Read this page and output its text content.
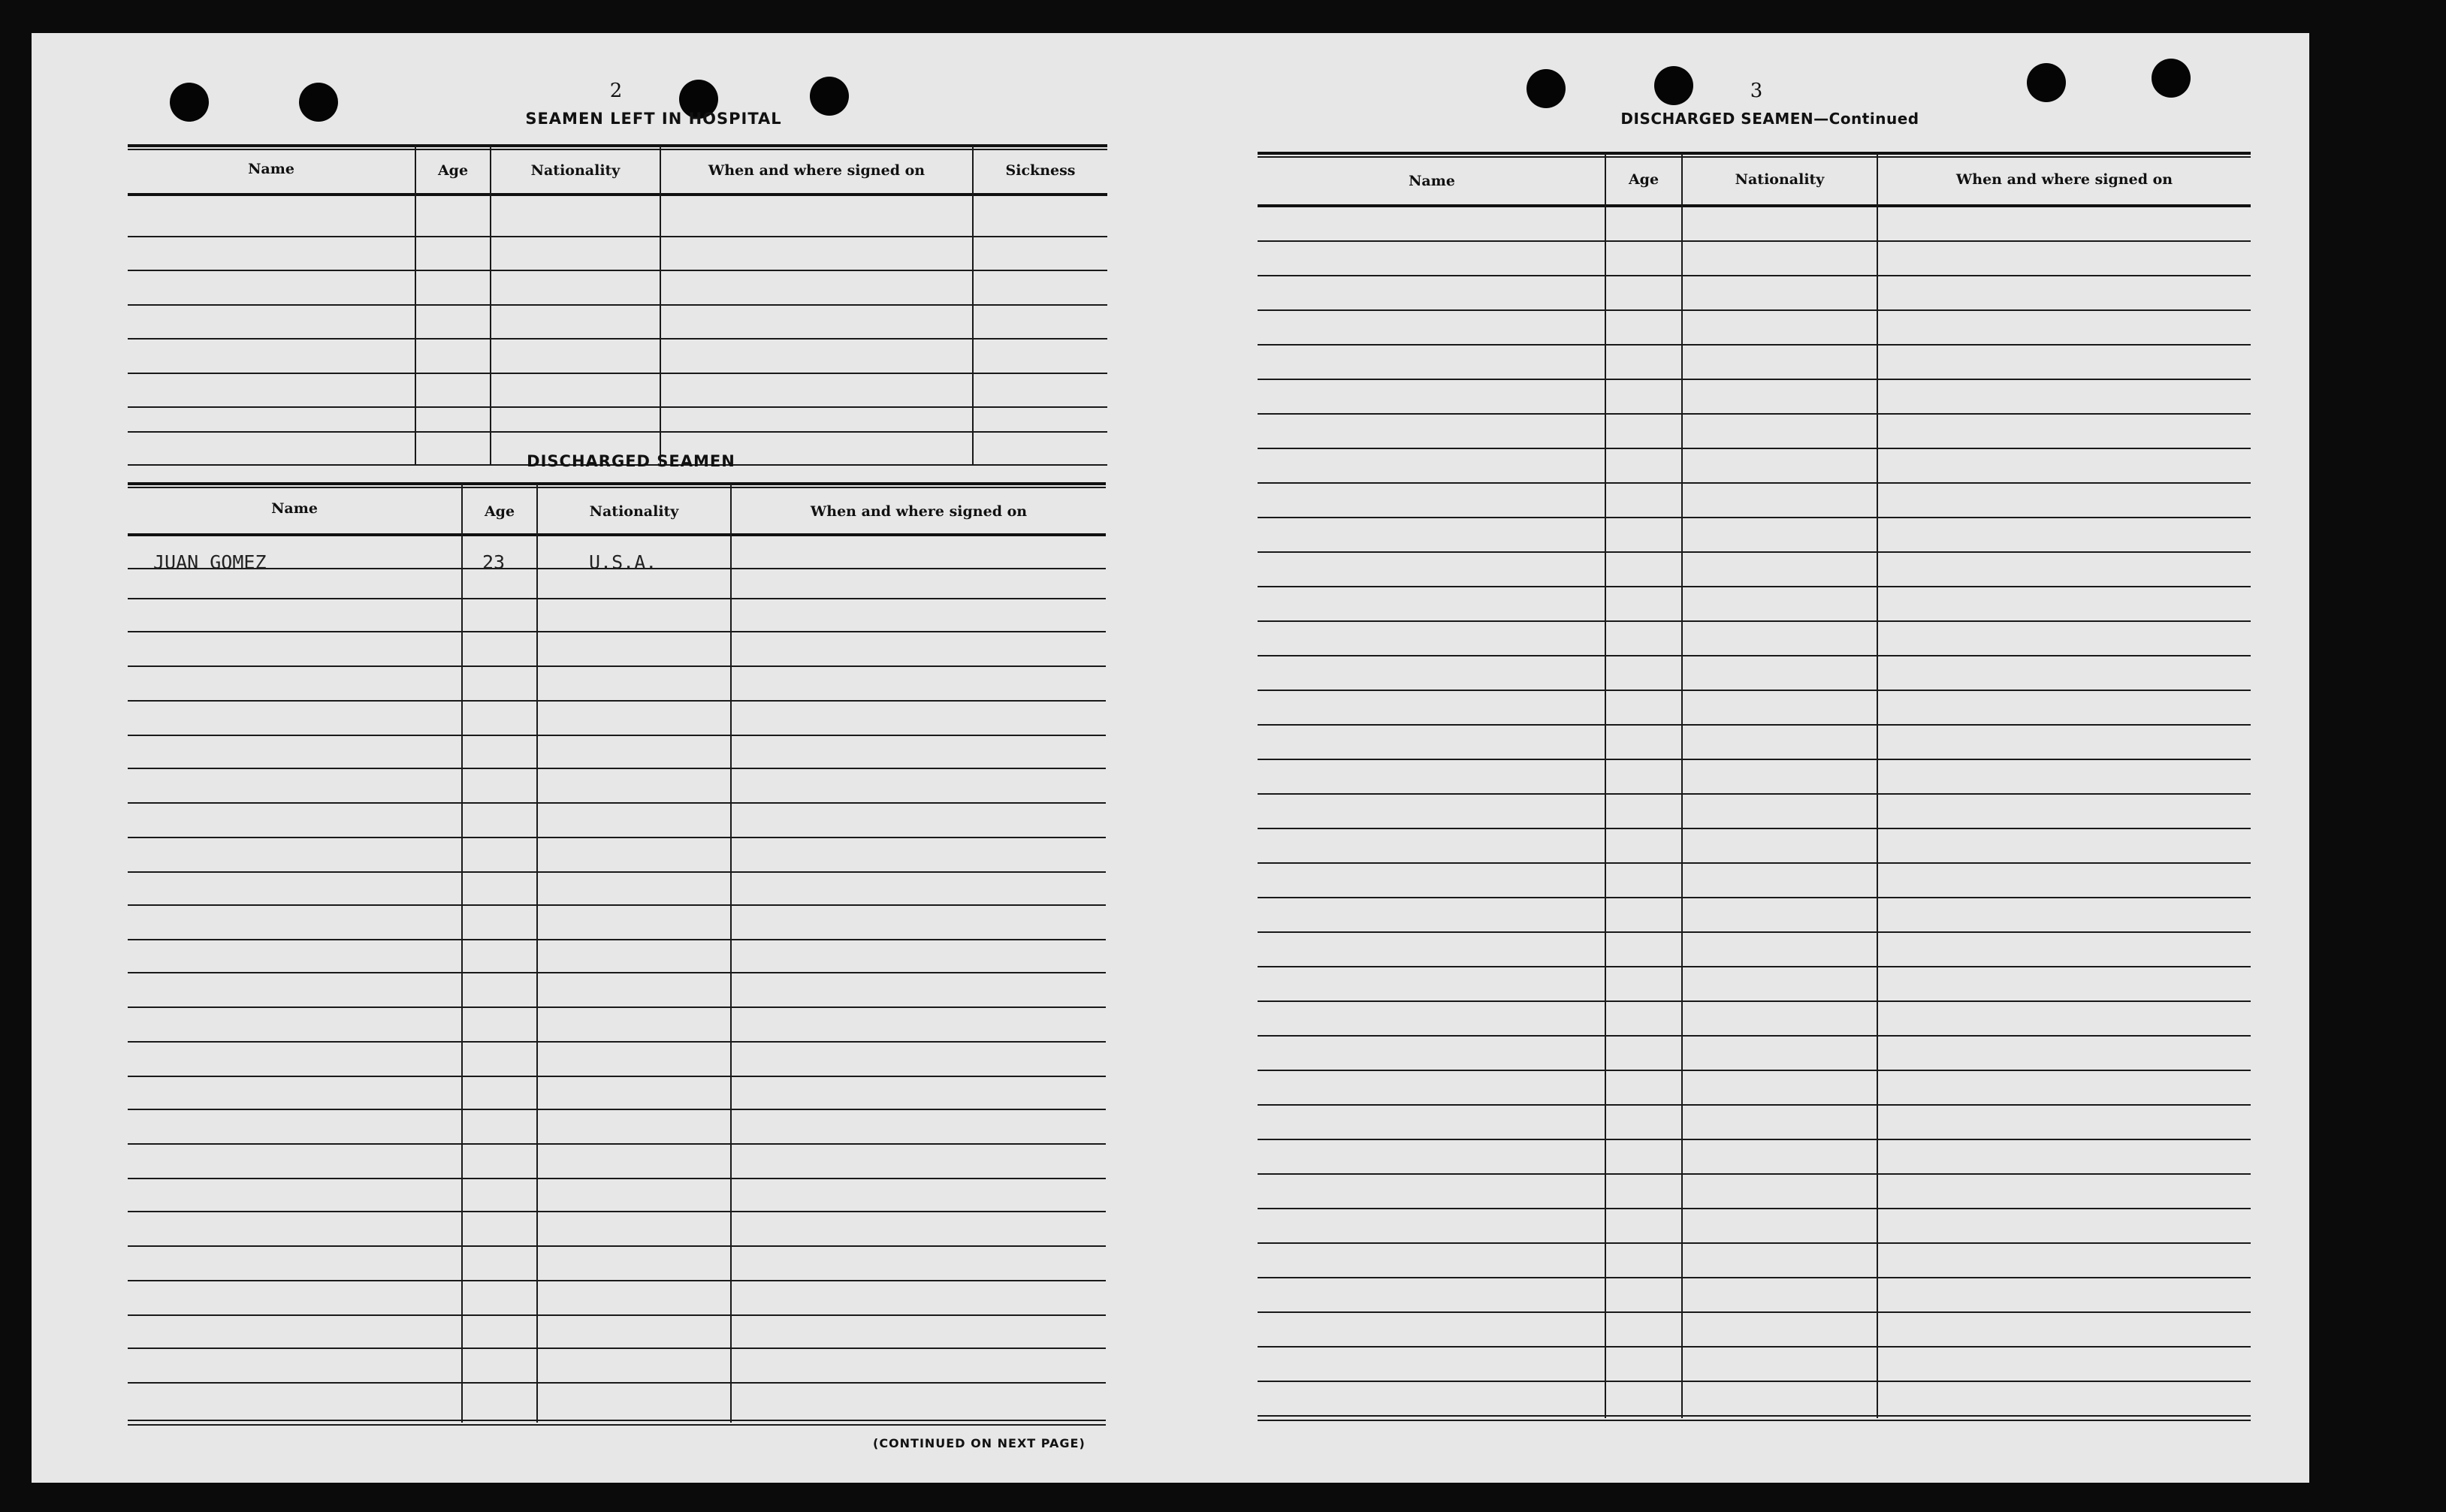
2
SEAMEN LEFT IN HOSPITAL
Name	Age	Nationality	When and where signed on	Sickness
DISCHARGED SEAMEN
Name	Age	Nationality	When and where signed on
JUAN GOMEZ	23	U.S.A.
(CONTINUED ON NEXT PAGE)
3
DISCHARGED SEAMEN—Continued
Name	Age	Nationality	When and where signed on
